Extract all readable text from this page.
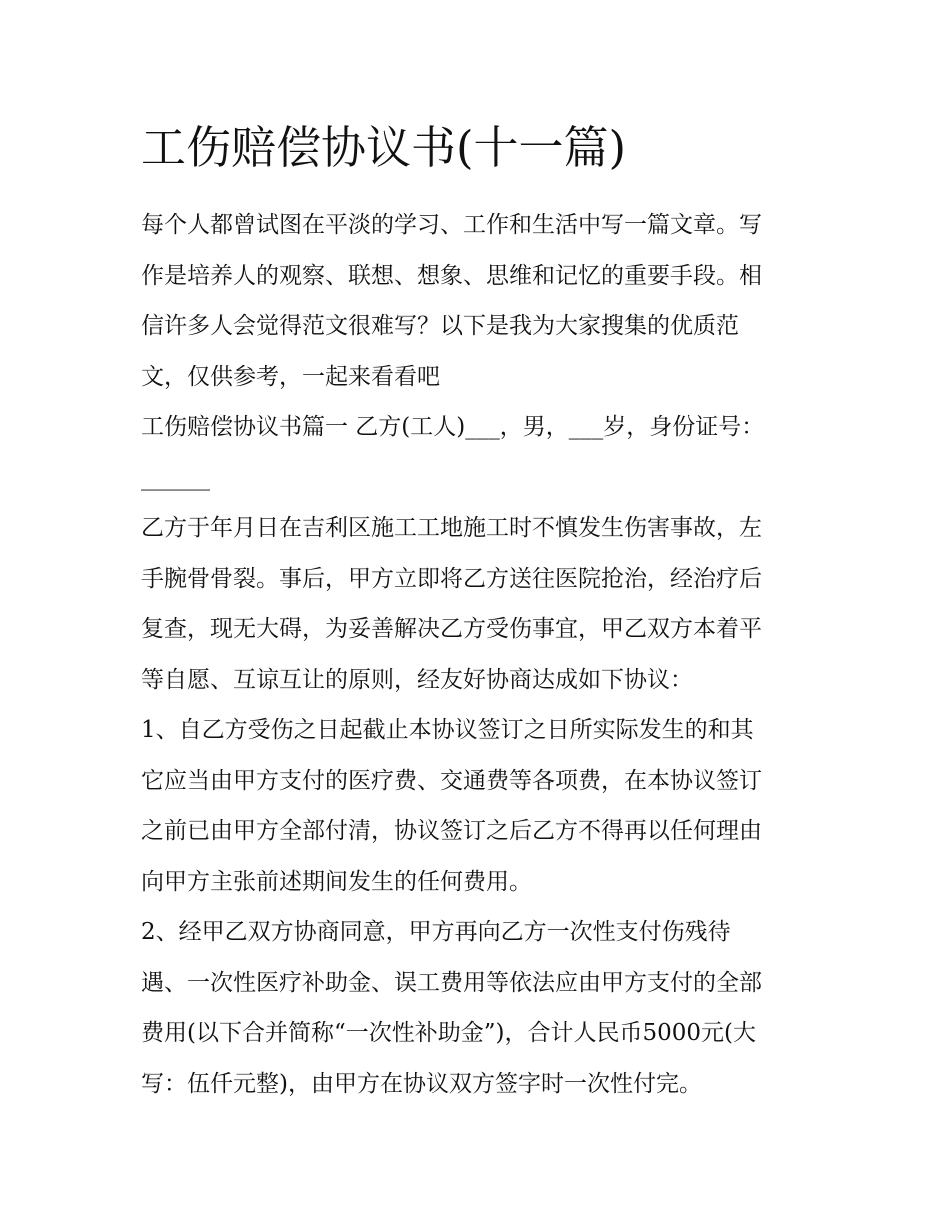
工伤赔偿协议书(十一篇)

每个人都曾试图在平淡的学习、工作和生活中写一篇文章。写
作是培养人的观察、联想、想象、思维和记忆的重要手段。相
信许多人会觉得范文很难写？以下是我为大家搜集的优质范
文，仅供参考，一起来看看吧

工伤赔偿协议书篇一 乙方(工人)___，男，___岁，身份证号：
______

乙方于年月日在吉利区施工工地施工时不慎发生伤害事故，左
手腕骨骨裂。事后，甲方立即将乙方送往医院抢治，经治疗后
复查，现无大碍，为妥善解决乙方受伤事宜，甲乙双方本着平
等自愿、互谅互让的原则，经友好协商达成如下协议：

1、自乙方受伤之日起截止本协议签订之日所实际发生的和其
它应当由甲方支付的医疗费、交通费等各项费，在本协议签订
之前已由甲方全部付清，协议签订之后乙方不得再以任何理由
向甲方主张前述期间发生的任何费用。

2、经甲乙双方协商同意，甲方再向乙方一次性支付伤残待
遇、一次性医疗补助金、误工费用等依法应由甲方支付的全部
费用(以下合并简称“一次性补助金”)，合计人民币5000元(大
写：伍仟元整)，由甲方在协议双方签字时一次性付完。
